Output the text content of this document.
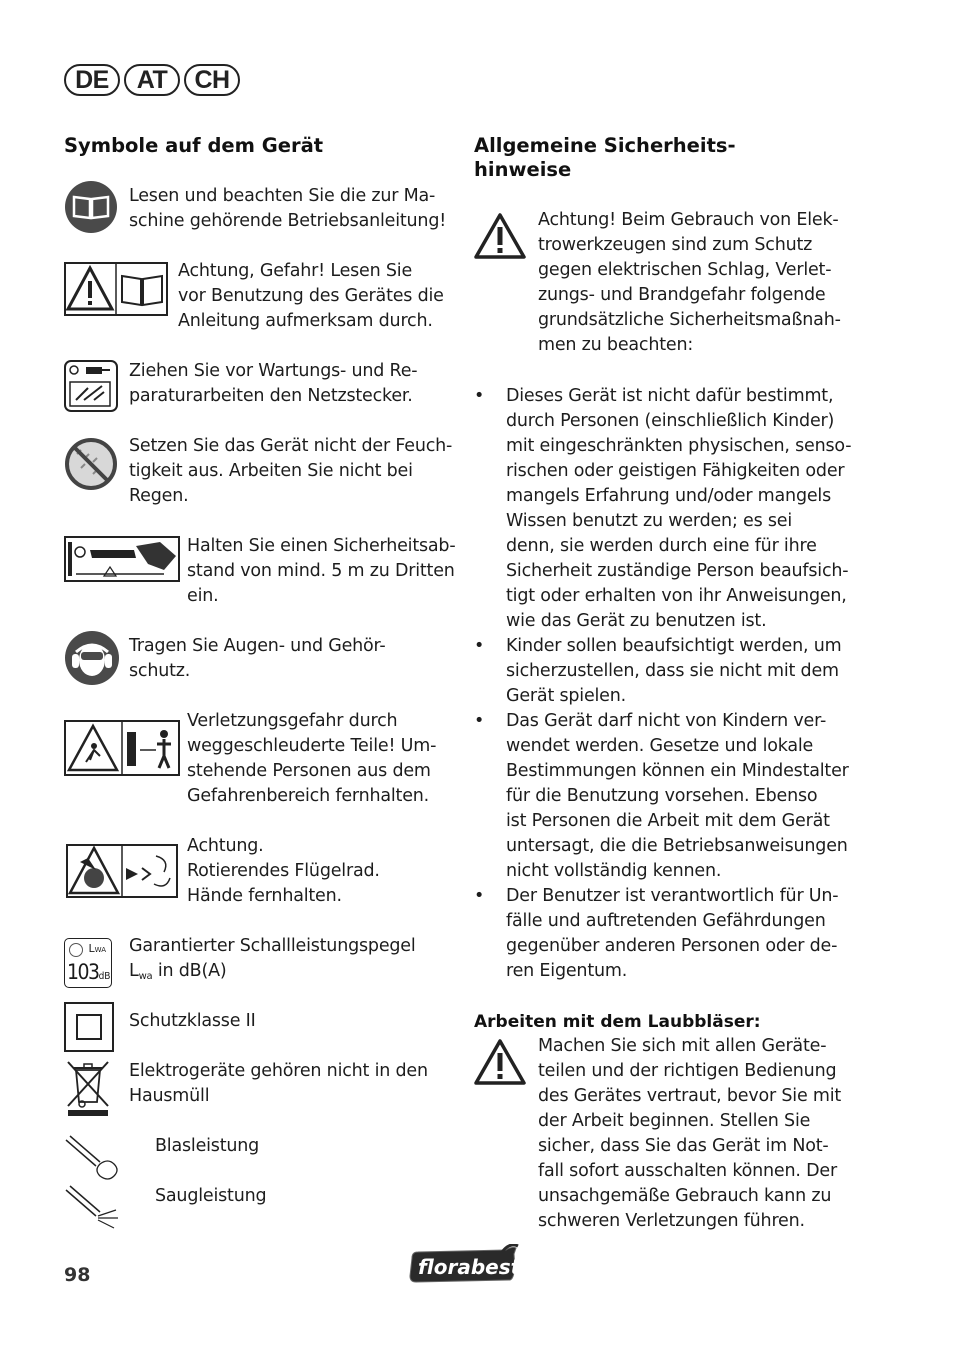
DE	AT	CH
Symbole auf dem Gerät
Lesen und beachten Sie die zur Ma-
schine gehörende Betriebsanleitung!
Achtung, Gefahr! Lesen Sie
vor Benutzung des Gerätes die
Anleitung aufmerksam durch.
Ziehen Sie vor Wartungs- und Re-
paraturarbeiten den Netzstecker.
Setzen Sie das Gerät nicht der Feuch-
tigkeit aus. Arbeiten Sie nicht bei
Regen.
Halten Sie einen Sicherheitsab-
stand von mind. 5 m zu Dritten
ein.
Tragen Sie Augen- und Gehör-
schutz.
Verletzungsgefahr durch
weggeschleuderte Teile! Um-
stehende Personen aus dem
Gefahrenbereich fernhalten.
Achtung.
Rotierendes Flügelrad.
Hände fernhalten.
LWA
103dB
Garantierter Schallleistungspegel
$L_{wa}$ in dB(A)
Schutzklasse II
Elektrogeräte gehören nicht in den
Hausmüll
Blasleistung
Saugleistung
Allgemeine Sicherheits-
hinweise
Achtung! Beim Gebrauch von Elek-
trowerkzeugen sind zum Schutz
gegen elektrischen Schlag, Verlet-
zungs- und Brandgefahr folgende
grundsätzliche Sicherheitsmaßnah-
men zu beachten:
• Dieses Gerät ist nicht dafür bestimmt,
durch Personen (einschließlich Kinder)
mit eingeschränkten physischen, senso-
rischen oder geistigen Fähigkeiten oder
mangels Erfahrung und/oder mangels
Wissen benutzt zu werden; es sei
denn, sie werden durch eine für ihre
Sicherheit zuständige Person beaufsich-
tigt oder erhalten von ihr Anweisungen,
wie das Gerät zu benutzen ist.
• Kinder sollen beaufsichtigt werden, um
sicherzustellen, dass sie nicht mit dem
Gerät spielen.
• Das Gerät darf nicht von Kindern ver-
wendet werden. Gesetze und lokale
Bestimmungen können ein Mindestalter
für die Benutzung vorsehen. Ebenso
ist Personen die Arbeit mit dem Gerät
untersagt, die die Betriebsanweisungen
nicht vollständig kennen.
• Der Benutzer ist verantwortlich für Un-
fälle und auftretenden Gefährdungen
gegenüber anderen Personen oder de-
ren Eigentum.
Arbeiten mit dem Laubbläser:
Machen Sie sich mit allen Geräte-
teilen und der richtigen Bedienung
des Gerätes vertraut, bevor Sie mit
der Arbeit beginnen. Stellen Sie
sicher, dass Sie das Gerät im Not-
fall sofort ausschalten können. Der
unsachgemäße Gebrauch kann zu
schweren Verletzungen führen.
98	florabest
